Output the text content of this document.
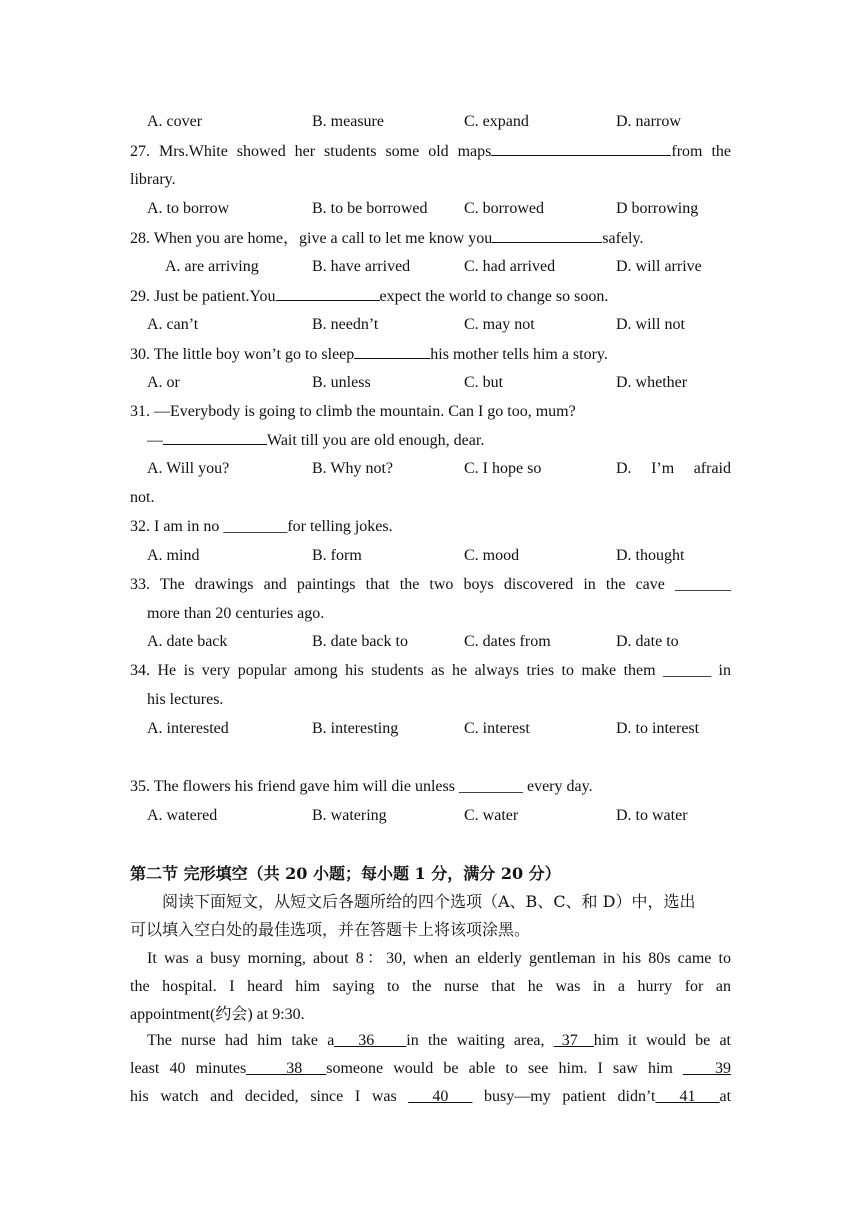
A. cover	B. measure	C. expand	D. narrow
27. Mrs.White showed her students some old maps	from the
library.
A. to borrow	B. to be borrowed C. borrowed	D borrowing
28. When you are home，give a call to let me know you	safely.
A. are arriving	B. have arrived	C. had arrived	D. will arrive
29. Just be patient.You	expect the world to change so soon.
A. can’t	B. needn’t	C. may not	D. will not
30. The little boy won’t go to sleep	his mother tells him a story.
A. or	B. unless	C. but	D. whether
31. —Everybody is going to climb the mountain. Can I go too, mum?
—	Wait till you are old enough, dear.
A. Will you?	B. Why not?	C. I hope so	D. I’m afraid
not.
32. I am in no ________for telling jokes.
A. mind	B. form	C. mood	D. thought
33. The drawings and paintings that the two boys discovered in the cave _______
more than 20 centuries ago.
A. date back	B. date back to	C. dates from	D. date to
34. He is very popular among his students as he always tries to make them ______ in
his lectures.
A. interested	B. interesting	C. interest	D. to interest
35. The flowers his friend gave him will die unless ________ every day.
A. watered	B. watering	C. water	D. to water
第二节 完形填空（共 20 小题；每小题 1 分，满分 20 分）
阅读下面短文，从短文后各题所给的四个选项（A、B、C、和 D）中，选出
可以填入空白处的最佳选项，并在答题卡上将该项涂黑。
It was a busy morning, about 8：30, when an elderly gentleman in his 80s came to
the hospital. I heard him saying to the nurse that he was in a hurry for an
appointment(约会) at 9:30.
The nurse had him take a___36____in the waiting area, _37__him it would be at
least 40 minutes_____38___someone would be able to see him. I saw him ____39
his watch and decided, since I was ___40___ busy—my patient didn’t___41___at
